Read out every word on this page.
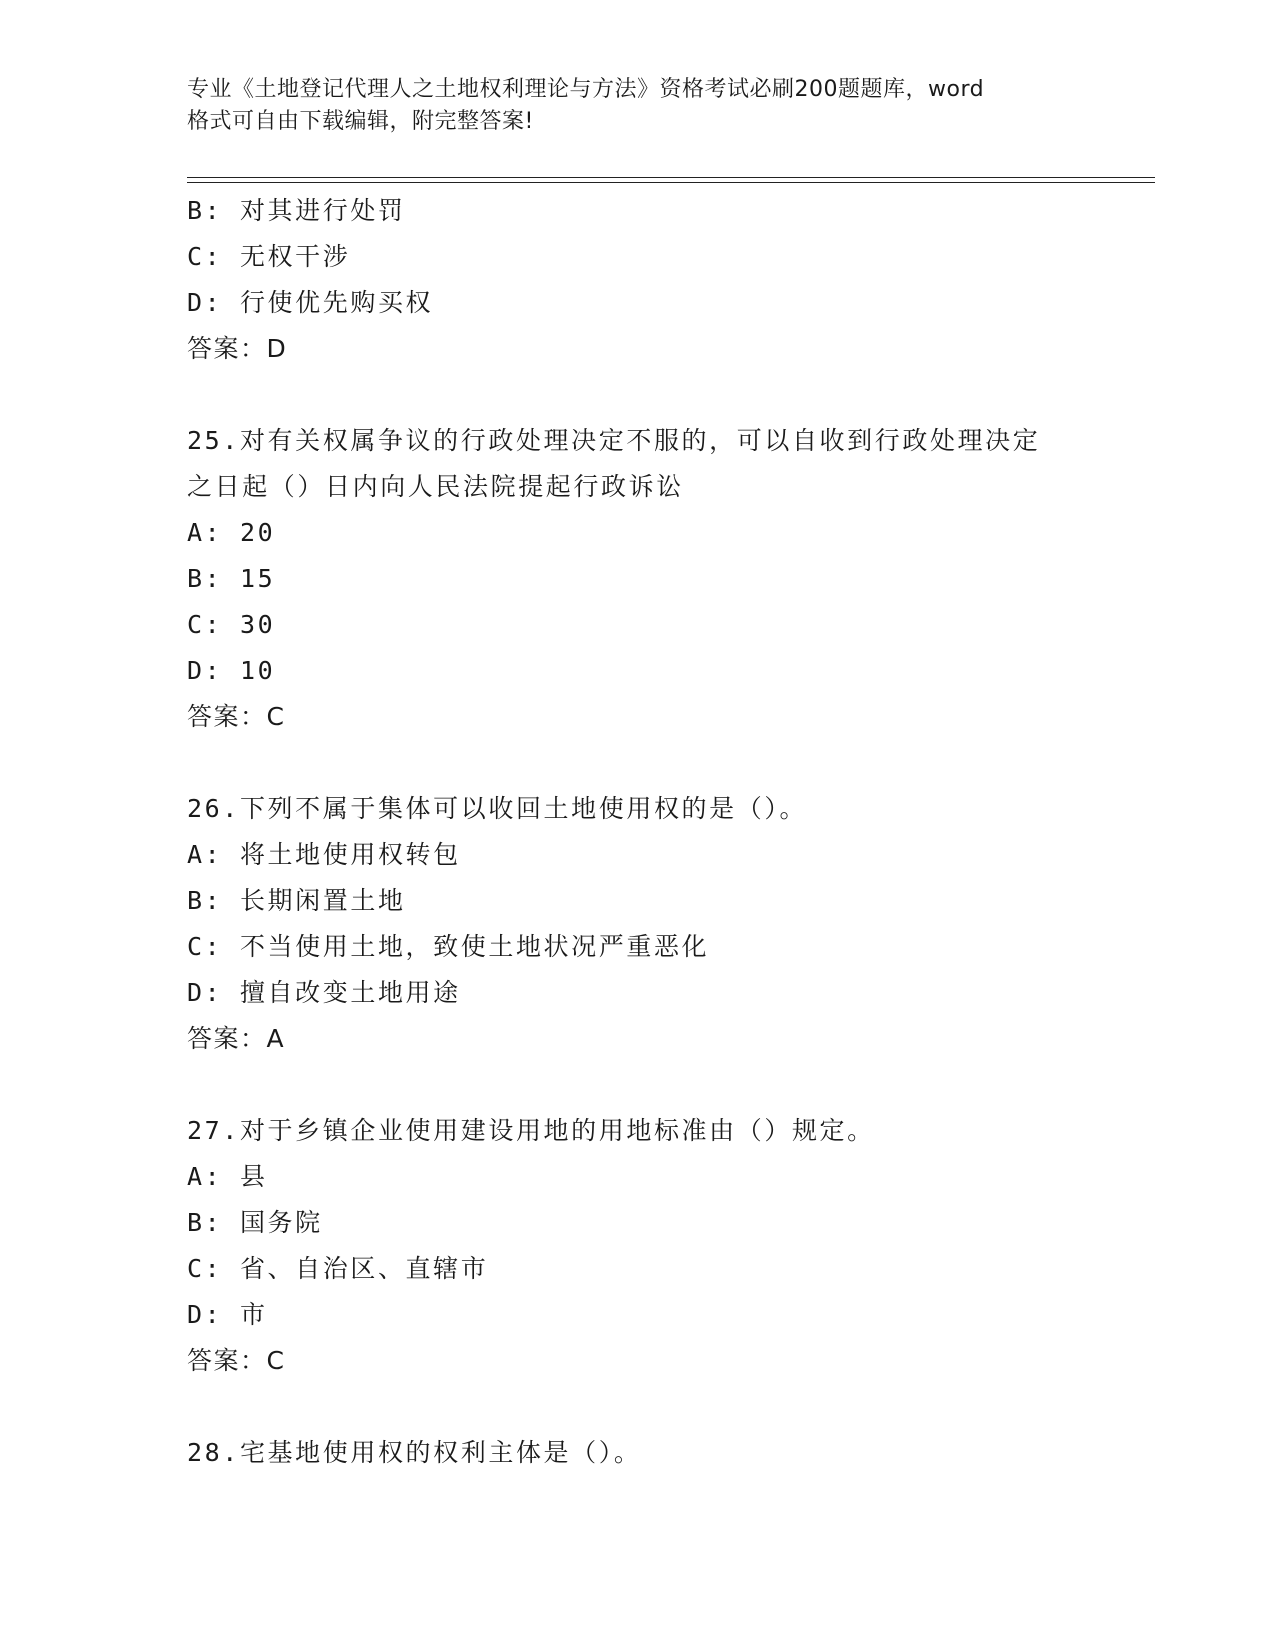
专业《土地登记代理人之土地权利理论与方法》资格考试必刷200题题库，word
格式可自由下载编辑，附完整答案!
B: 对其进行处罚
C: 无权干涉
D: 行使优先购买权
答案：D
25.对有关权属争议的行政处理决定不服的，可以自收到行政处理决定
之日起（）日内向人民法院提起行政诉讼
A: 20
B: 15
C: 30
D: 10
答案：C
26.下列不属于集体可以收回土地使用权的是（）。
A: 将土地使用权转包
B: 长期闲置土地
C: 不当使用土地，致使土地状况严重恶化
D: 擅自改变土地用途
答案：A
27.对于乡镇企业使用建设用地的用地标准由（）规定。
A: 县
B: 国务院
C: 省、自治区、直辖市
D: 市
答案：C
28.宅基地使用权的权利主体是（）。
